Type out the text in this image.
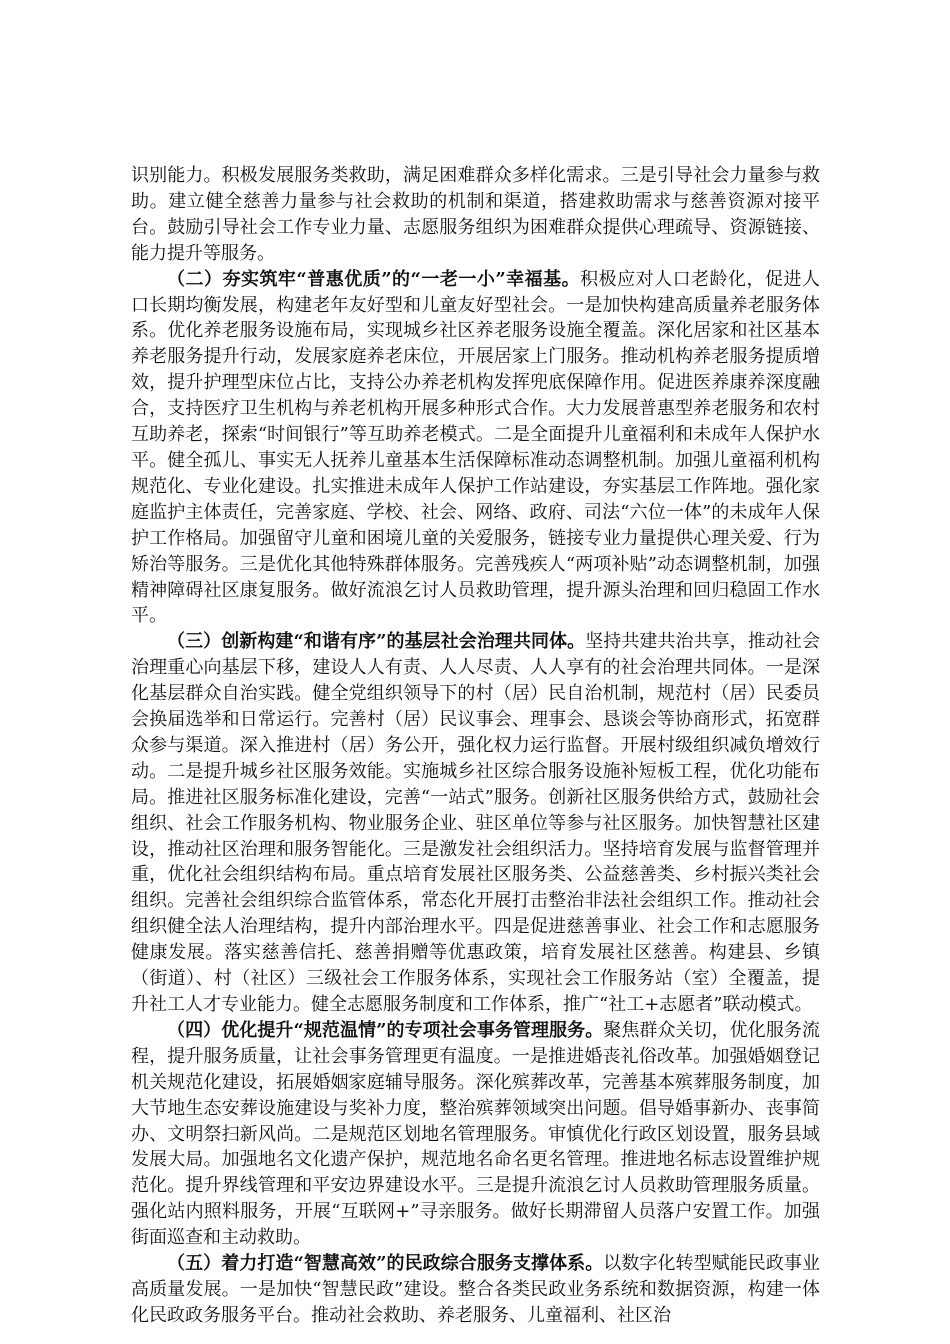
识别能力。积极发展服务类救助，满足困难群众多样化需求。三是引导社会力量参与救助。建立健全慈善力量参与社会救助的机制和渠道，搭建救助需求与慈善资源对接平台。鼓励引导社会工作专业力量、志愿服务组织为困难群众提供心理疏导、资源链接、能力提升等服务。

（二）夯实筑牢“普惠优质”的“一老一小”幸福基。积极应对人口老龄化，促进人口长期均衡发展，构建老年友好型和儿童友好型社会。一是加快构建高质量养老服务体系。优化养老服务设施布局，实现城乡社区养老服务设施全覆盖。深化居家和社区基本养老服务提升行动，发展家庭养老床位，开展居家上门服务。推动机构养老服务提质增效，提升护理型床位占比，支持公办养老机构发挥兜底保障作用。促进医养康养深度融合，支持医疗卫生机构与养老机构开展多种形式合作。大力发展普惠型养老服务和农村互助养老，探索“时间银行”等互助养老模式。二是全面提升儿童福利和未成年人保护水平。健全孤儿、事实无人抚养儿童基本生活保障标准动态调整机制。加强儿童福利机构规范化、专业化建设。扎实推进未成年人保护工作站建设，夯实基层工作阵地。强化家庭监护主体责任，完善家庭、学校、社会、网络、政府、司法“六位一体”的未成年人保护工作格局。加强留守儿童和困境儿童的关爱服务，链接专业力量提供心理关爱、行为矫治等服务。三是优化其他特殊群体服务。完善残疾人“两项补贴”动态调整机制，加强精神障碍社区康复服务。做好流浪乞讨人员救助管理，提升源头治理和回归稳固工作水平。

（三）创新构建“和谐有序”的基层社会治理共同体。坚持共建共治共享，推动社会治理重心向基层下移，建设人人有责、人人尽责、人人享有的社会治理共同体。一是深化基层群众自治实践。健全党组织领导下的村（居）民自治机制，规范村（居）民委员会换届选举和日常运行。完善村（居）民议事会、理事会、恳谈会等协商形式，拓宽群众参与渠道。深入推进村（居）务公开，强化权力运行监督。开展村级组织减负增效行动。二是提升城乡社区服务效能。实施城乡社区综合服务设施补短板工程，优化功能布局。推进社区服务标准化建设，完善“一站式”服务。创新社区服务供给方式，鼓励社会组织、社会工作服务机构、物业服务企业、驻区单位等参与社区服务。加快智慧社区建设，推动社区治理和服务智能化。三是激发社会组织活力。坚持培育发展与监督管理并重，优化社会组织结构布局。重点培育发展社区服务类、公益慈善类、乡村振兴类社会组织。完善社会组织综合监管体系，常态化开展打击整治非法社会组织工作。推动社会组织健全法人治理结构，提升内部治理水平。四是促进慈善事业、社会工作和志愿服务健康发展。落实慈善信托、慈善捐赠等优惠政策，培育发展社区慈善。构建县、乡镇（街道）、村（社区）三级社会工作服务体系，实现社会工作服务站（室）全覆盖，提升社工人才专业能力。健全志愿服务制度和工作体系，推广“社工+志愿者”联动模式。

（四）优化提升“规范温情”的专项社会事务管理服务。聚焦群众关切，优化服务流程，提升服务质量，让社会事务管理更有温度。一是推进婚丧礼俗改革。加强婚姻登记机关规范化建设，拓展婚姻家庭辅导服务。深化殡葬改革，完善基本殡葬服务制度，加大节地生态安葬设施建设与奖补力度，整治殡葬领域突出问题。倡导婚事新办、丧事简办、文明祭扫新风尚。二是规范区划地名管理服务。审慎优化行政区划设置，服务县域发展大局。加强地名文化遗产保护，规范地名命名更名管理。推进地名标志设置维护规范化。提升界线管理和平安边界建设水平。三是提升流浪乞讨人员救助管理服务质量。强化站内照料服务，开展“互联网+”寻亲服务。做好长期滞留人员落户安置工作。加强街面巡查和主动救助。

（五）着力打造“智慧高效”的民政综合服务支撑体系。以数字化转型赋能民政事业高质量发展。一是加快“智慧民政”建设。整合各类民政业务系统和数据资源，构建一体化民政政务服务平台。推动社会救助、养老服务、儿童福利、社区治
